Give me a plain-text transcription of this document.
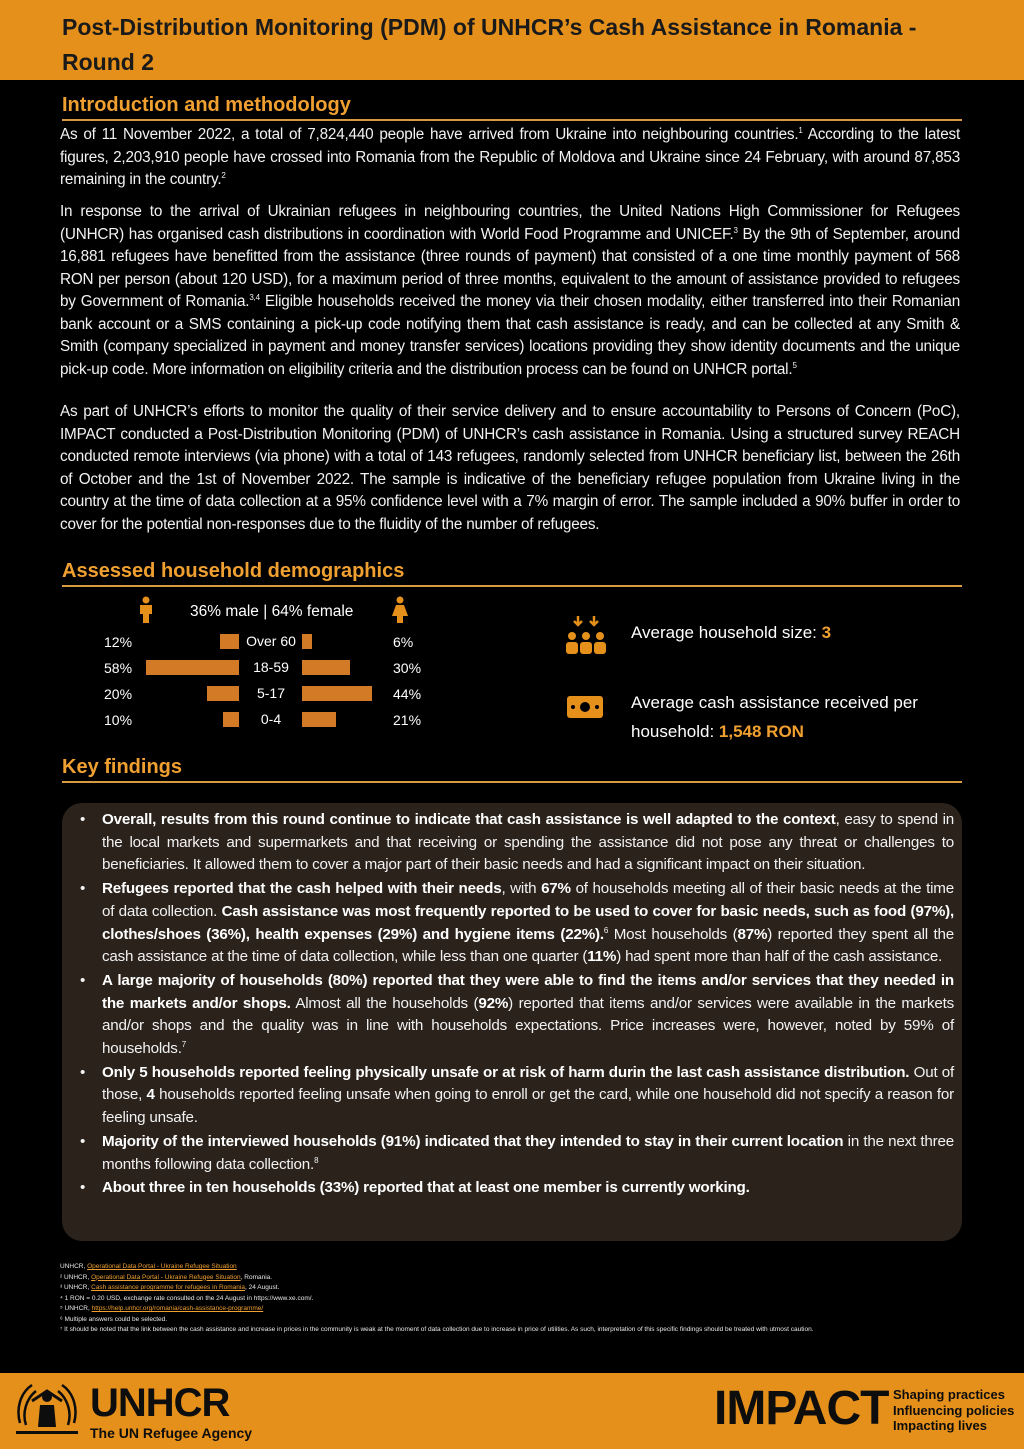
Post-Distribution Monitoring (PDM) of UNHCR’s Cash Assistance in Romania - Round 2
Introduction and methodology
As of 11 November 2022, a total of 7,824,440 people have arrived from Ukraine into neighbouring countries.$^1$ According to the latest figures, 2,203,910 people have crossed into Romania from the Republic of Moldova and Ukraine since 24 February, with around 87,853 remaining in the country.$^2$
In response to the arrival of Ukrainian refugees in neighbouring countries, the United Nations High Commissioner for Refugees (UNHCR) has organised cash distributions in coordination with World Food Programme and UNICEF.$^3$ By the 9th of September, around 16,881 refugees have benefitted from the assistance (three rounds of payment) that consisted of a one time monthly payment of 568 RON per person (about 120 USD), for a maximum period of three months, equivalent to the amount of assistance provided to refugees by Government of Romania.$^{3,4}$ Eligible households received the money via their chosen modality, either transferred into their Romanian bank account or a SMS containing a pick-up code notifying them that cash assistance is ready, and can be collected at any Smith & Smith (company specialized in payment and money transfer services) locations providing they show identity documents and the unique pick-up code. More information on eligibility criteria and the distribution process can be found on UNHCR portal.$^5$
As part of UNHCR’s efforts to monitor the quality of their service delivery and to ensure accountability to Persons of Concern (PoC), IMPACT conducted a Post-Distribution Monitoring (PDM) of UNHCR’s cash assistance in Romania. Using a structured survey REACH conducted remote interviews (via phone) with a total of 143 refugees, randomly selected from UNHCR beneficiary list, between the 26th of October and the 1st of November 2022. The sample is indicative of the beneficiary refugee population from Ukraine living in the country at the time of data collection at a 95% confidence level with a 7% margin of error. The sample included a 90% buffer in order to cover for the potential non-responses due to the fluidity of the number of refugees.
Assessed household demographics
36% male | 64% female
12%	Over 60	6%
58%	18-59	30%
20%	5-17	44%
10%	0-4	21%
Average household size: 3
Average cash assistance received per
household: 1,548 RON
Key findings
• Overall, results from this round continue to indicate that cash assistance is well adapted to the context, easy to spend in the local markets and supermarkets and that receiving or spending the assistance did not pose any threat or challenges to beneficiaries. It allowed them to cover a major part of their basic needs and had a significant impact on their situation.
• Refugees reported that the cash helped with their needs, with 67% of households meeting all of their basic needs at the time of data collection. Cash assistance was most frequently reported to be used to cover for basic needs, such as food (97%), clothes/shoes (36%), health expenses (29%) and hygiene items (22%).$^6$ Most households (87%) reported they spent all the cash assistance at the time of data collection, while less than one quarter (11%) had spent more than half of the cash assistance.
• A large majority of households (80%) reported that they were able to find the items and/or services that they needed in the markets and/or shops. Almost all the households (92%) reported that items and/or services were available in the markets and/or shops and the quality was in line with households expectations. Price increases were, however, noted by 59% of households.$^7$
• Only 5 households reported feeling physically unsafe or at risk of harm durin the last cash assistance distribution. Out of those, 4 households reported feeling unsafe when going to enroll or get the card, while one household did not specify a reason for feeling unsafe.
• Majority of the interviewed households (91%) indicated that they intended to stay in their current location in the next three months following data collection.$^8$
• About three in ten households (33%) reported that at least one member is currently working.
UNHCR, Operational Data Portal - Ukraine Refugee Situation
² UNHCR, Operational Data Portal - Ukraine Refugee Situation, Romania.
³ UNHCR, Cash assistance programme for refugees in Romania, 24 August.
⁴ 1 RON = 0.20 USD, exchange rate consulted on the 24 August in https://www.xe.com/.
⁵ UNHCR, https://help.unhcr.org/romania/cash-assistance-programme/
⁶ Multiple answers could be selected.
⁷ It should be noted that the link between the cash assistance and increase in prices in the community is weak at the moment of data collection due to increase in price of utilities. As such, interpretation of this specific findings should be treated with utmost caution.
UNHCR
The UN Refugee Agency	IMPACT Shaping practices
Influencing policies
Impacting lives
